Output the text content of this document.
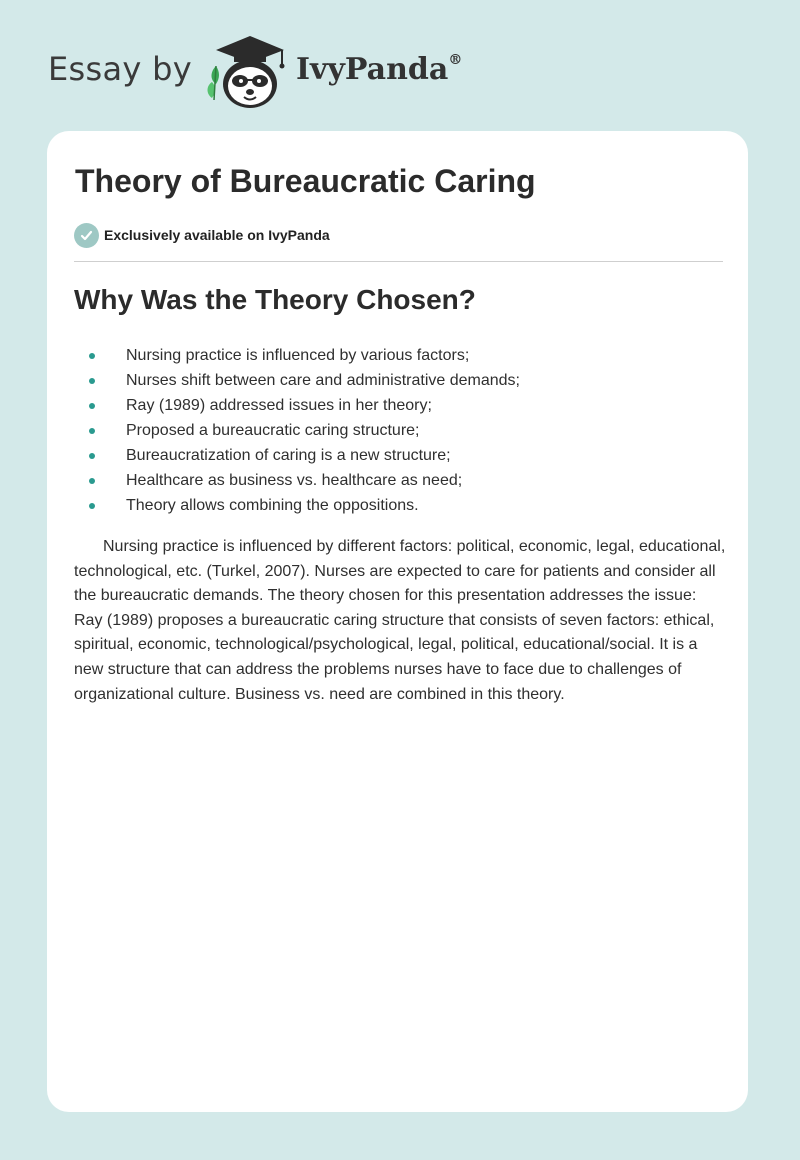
Essay by	IvyPanda®
Theory of Bureaucratic Caring
Exclusively available on IvyPanda
Why Was the Theory Chosen?
Nursing practice is influenced by various factors;
Nurses shift between care and administrative demands;
Ray (1989) addressed issues in her theory;
Proposed a bureaucratic caring structure;
Bureaucratization of caring is a new structure;
Healthcare as business vs. healthcare as need;
Theory allows combining the oppositions.

Nursing practice is influenced by different factors: political, economic, legal, educational, technological, etc. (Turkel, 2007). Nurses are expected to care for patients and consider all the bureaucratic demands. The theory chosen for this presentation addresses the issue: Ray (1989) proposes a bureaucratic caring structure that consists of seven factors: ethical, spiritual, economic, technological/psychological, legal, political, educational/social. It is a new structure that can address the problems nurses have to face due to challenges of organizational culture. Business vs. need are combined in this theory.
